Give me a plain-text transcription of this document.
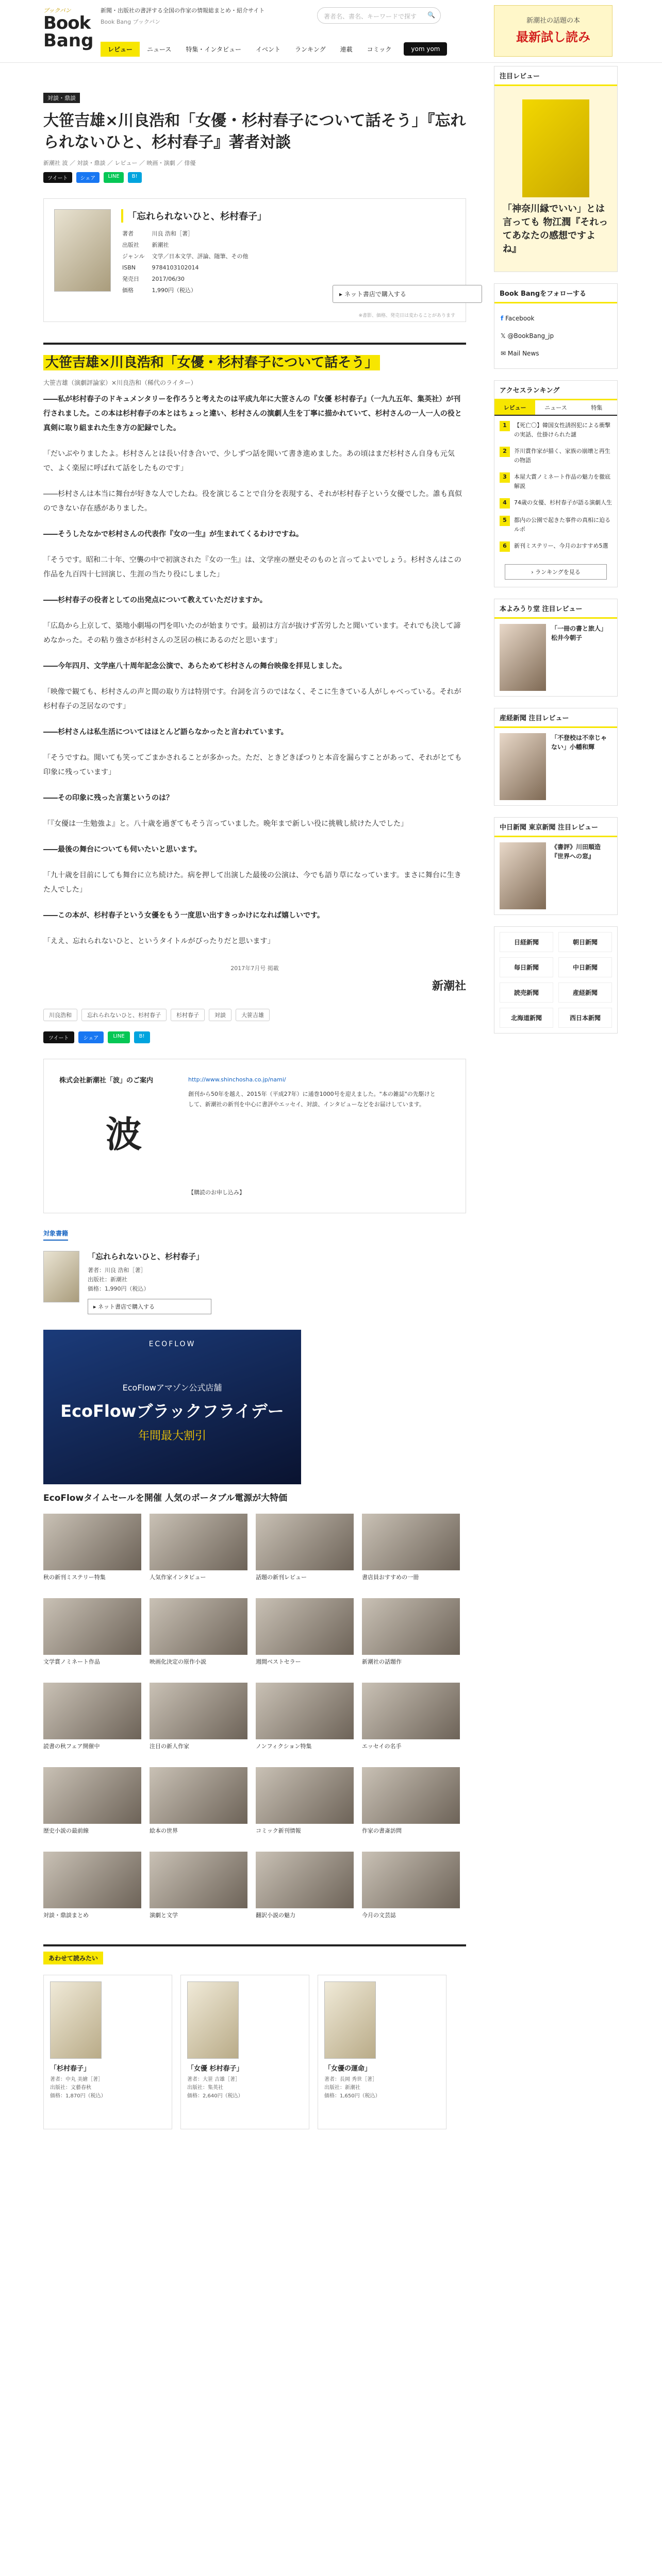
ブックバン
Book
Bang
新聞・出版社の書評する全国の作家の情報総まとめ・紹介サイト
Book Bang ブックバン
著者名、書名、キーワードで探す 🔍
レビュー	ニュース	特集・インタビュー	イベント	ランキング	連載	コミック	yom yom
新潮社の話題の本
最新試し読み
対談・鼎談
大笹吉雄×川良浩和「女優・杉村春子について話そう」『忘れられないひと、杉村春子』著者対談
新潮社 波 ／ 対談・鼎談 ／ レビュー ／ 映画・演劇 ／ 俳優
ツイート	シェア	LINE	B!
「忘れられないひと、杉村春子」
著者	川良 浩和［著］
出版社	新潮社
ジャンル	文学／日本文学、評論、随筆、その他
ISBN	9784103102014
発売日	2017/06/30
価格	1,990円（税込）
▸ ネット書店で購入する
※書影、価格、発売日は変わることがあります
大笹吉雄×川良浩和「女優・杉村春子について話そう」
大笹吉雄（演劇評論家）×川良浩和（稀代のライター）

――私が杉村春子のドキュメンタリーを作ろうと考えたのは平成九年に大笹さんの『女優 杉村春子』（一九九五年、集英社）が刊行されました。この本は杉村春子の本とはちょっと違い、杉村さんの演劇人生を丁寧に描かれていて、杉村さんの一人一人の役と真剣に取り組まれた生き方の記録でした。

「だいぶやりましたよ。杉村さんとは長い付き合いで、少しずつ話を聞いて書き進めました。あの頃はまだ杉村さん自身も元気で、よく楽屋に呼ばれて話をしたものです」

――杉村さんは本当に舞台が好きな人でしたね。役を演じることで自分を表現する、それが杉村春子という女優でした。誰も真似のできない存在感がありました。

――そうしたなかで杉村さんの代表作『女の一生』が生まれてくるわけですね。

「そうです。昭和二十年、空襲の中で初演された『女の一生』は、文学座の歴史そのものと言ってよいでしょう。杉村さんはこの作品を九百四十七回演じ、生涯の当たり役にしました」

――杉村春子の役者としての出発点について教えていただけますか。

「広島から上京して、築地小劇場の門を叩いたのが始まりです。最初は方言が抜けず苦労したと聞いています。それでも決して諦めなかった。その粘り強さが杉村さんの芝居の核にあるのだと思います」

――今年四月、文学座八十周年記念公演で、あらためて杉村さんの舞台映像を拝見しました。

「映像で観ても、杉村さんの声と間の取り方は特別です。台詞を言うのではなく、そこに生きている人がしゃべっている。それが杉村春子の芝居なのです」

――杉村さんは私生活についてはほとんど語らなかったと言われています。

「そうですね。聞いても笑ってごまかされることが多かった。ただ、ときどきぽつりと本音を漏らすことがあって、それがとても印象に残っています」

――その印象に残った言葉というのは？

「『女優は一生勉強よ』と。八十歳を過ぎてもそう言っていました。晩年まで新しい役に挑戦し続けた人でした」

――最後の舞台についても伺いたいと思います。

「九十歳を目前にしても舞台に立ち続けた。病を押して出演した最後の公演は、今でも語り草になっています。まさに舞台に生きた人でした」

――この本が、杉村春子という女優をもう一度思い出すきっかけになれば嬉しいです。

「ええ、忘れられないひと、というタイトルがぴったりだと思います」

2017年7月号 掲載
新潮社
川良浩和	忘れられないひと、杉村春子	杉村春子	対談	大笹吉雄
ツイート	シェア	LINE	B!
株式会社新潮社「波」のご案内
波
http://www.shinchosha.co.jp/nami/
創刊から50年を越え、2015年（平成27年）に通巻1000号を迎えました。"本の雑誌"の先駆けとして、新潮社の新刊を中心に書評やエッセイ、対談、インタビューなどをお届けしています。
【購読のお申し込み】
対象書籍
「忘れられないひと、杉村春子」
著者：川良 浩和［著］
出版社：新潮社
価格：1,990円（税込）
▸ ネット書店で購入する
ECOFLOW
EcoFlowアマゾン公式店舗
EcoFlowブラックフライデー
年間最大割引
EcoFlowタイムセールを開催 人気のポータブル電源が大特価
秋の新刊ミステリー特集	人気作家インタビュー	話題の新刊レビュー	書店員おすすめの一冊
文学賞ノミネート作品	映画化決定の原作小説	週間ベストセラー	新潮社の話題作
読書の秋フェア開催中	注目の新人作家	ノンフィクション特集	エッセイの名手
歴史小説の最前線	絵本の世界	コミック新刊情報	作家の書斎訪問
対談・鼎談まとめ	演劇と文学	翻訳小説の魅力	今月の文芸誌
あわせて読みたい
「杉村春子」
著者：中丸 美繪［著］
出版社：文藝春秋
価格：1,870円（税込）
「女優 杉村春子」
著者：大笹 吉雄［著］
出版社：集英社
価格：2,640円（税込）
「女優の運命」
著者：長岡 秀世［著］
出版社：新潮社
価格：1,650円（税込）
注目レビュー
「神奈川縁でいい」とは言っても 物江潤『それってあなたの感想ですよね』
Book Bangをフォローする
f Facebook
𝕏 @BookBang_jp
✉ Mail News
アクセスランキング
レビュー	ニュース	特集
1	【死亡〇】韓国女性誘拐犯による衝撃の実話、仕掛けられた謎
2	芥川賞作家が描く、家族の崩壊と再生の物語
3	本屋大賞ノミネート作品の魅力を徹底解説
4	74歳の女優、杉村春子が語る演劇人生
5	都内の公園で起きた事件の真相に迫るルポ
6	新刊ミステリー、今月のおすすめ5選
› ランキングを見る
本よみうり堂 注目レビュー
「一冊の書と旅人」松井今朝子
産経新聞 注目レビュー
「不登校は不幸じゃない」小幡和輝
中日新聞 東京新聞 注目レビュー
《書評》川田順造『世界への窓』
日経新聞	朝日新聞
毎日新聞	中日新聞
読売新聞	産経新聞
北海道新聞	西日本新聞
